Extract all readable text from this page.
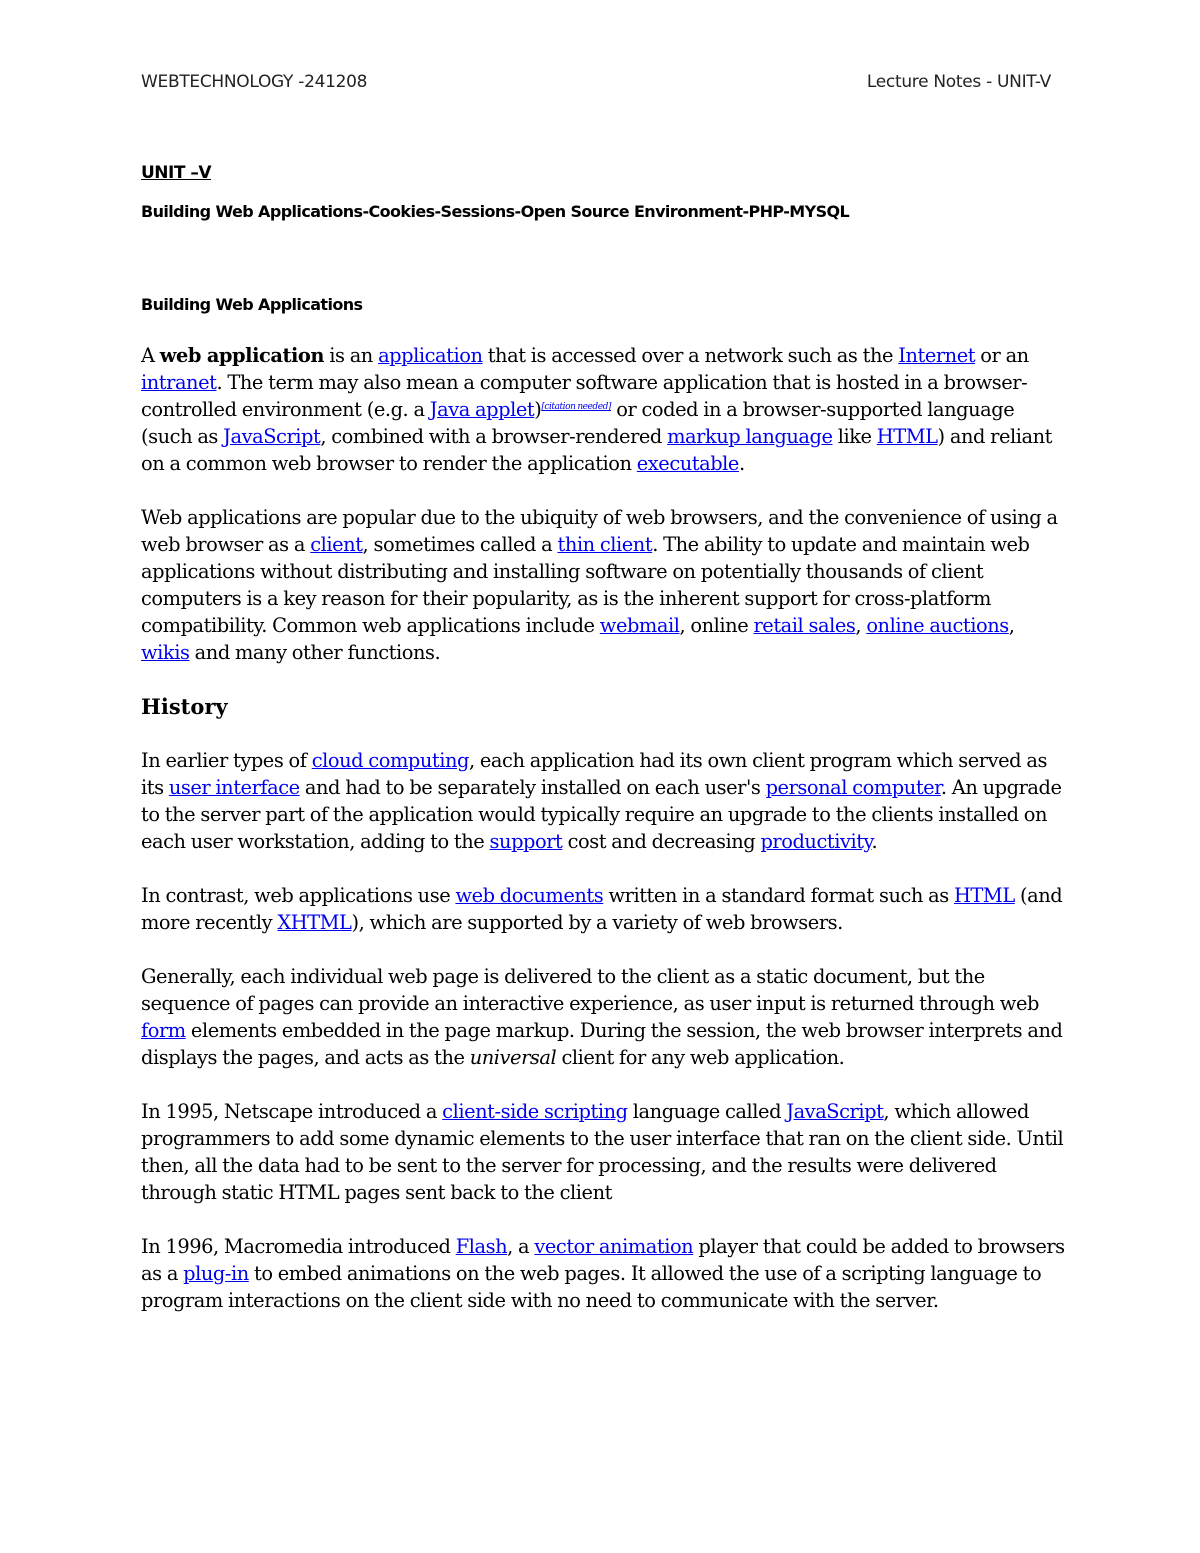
WEBTECHNOLOGY -241208	Lecture Notes - UNIT-V
UNIT –V
Building Web Applications-Cookies-Sessions-Open Source Environment-PHP-MYSQL
Building Web Applications

A web application is an application that is accessed over a network such as the Internet or an intranet. The term may also mean a computer software application that is hosted in a browser-controlled environment (e.g. a Java applet)[citation needed] or coded in a browser-supported language (such as JavaScript, combined with a browser-rendered markup language like HTML) and reliant on a common web browser to render the application executable.

Web applications are popular due to the ubiquity of web browsers, and the convenience of using a web browser as a client, sometimes called a thin client. The ability to update and maintain web applications without distributing and installing software on potentially thousands of client computers is a key reason for their popularity, as is the inherent support for cross-platform compatibility. Common web applications include webmail, online retail sales, online auctions, wikis and many other functions.

History

In earlier types of cloud computing, each application had its own client program which served as its user interface and had to be separately installed on each user's personal computer. An upgrade to the server part of the application would typically require an upgrade to the clients installed on each user workstation, adding to the support cost and decreasing productivity.

In contrast, web applications use web documents written in a standard format such as HTML (and more recently XHTML), which are supported by a variety of web browsers.

Generally, each individual web page is delivered to the client as a static document, but the sequence of pages can provide an interactive experience, as user input is returned through web form elements embedded in the page markup. During the session, the web browser interprets and displays the pages, and acts as the universal client for any web application.

In 1995, Netscape introduced a client-side scripting language called JavaScript, which allowed programmers to add some dynamic elements to the user interface that ran on the client side. Until then, all the data had to be sent to the server for processing, and the results were delivered through static HTML pages sent back to the client

In 1996, Macromedia introduced Flash, a vector animation player that could be added to browsers as a plug-in to embed animations on the web pages. It allowed the use of a scripting language to program interactions on the client side with no need to communicate with the server.
